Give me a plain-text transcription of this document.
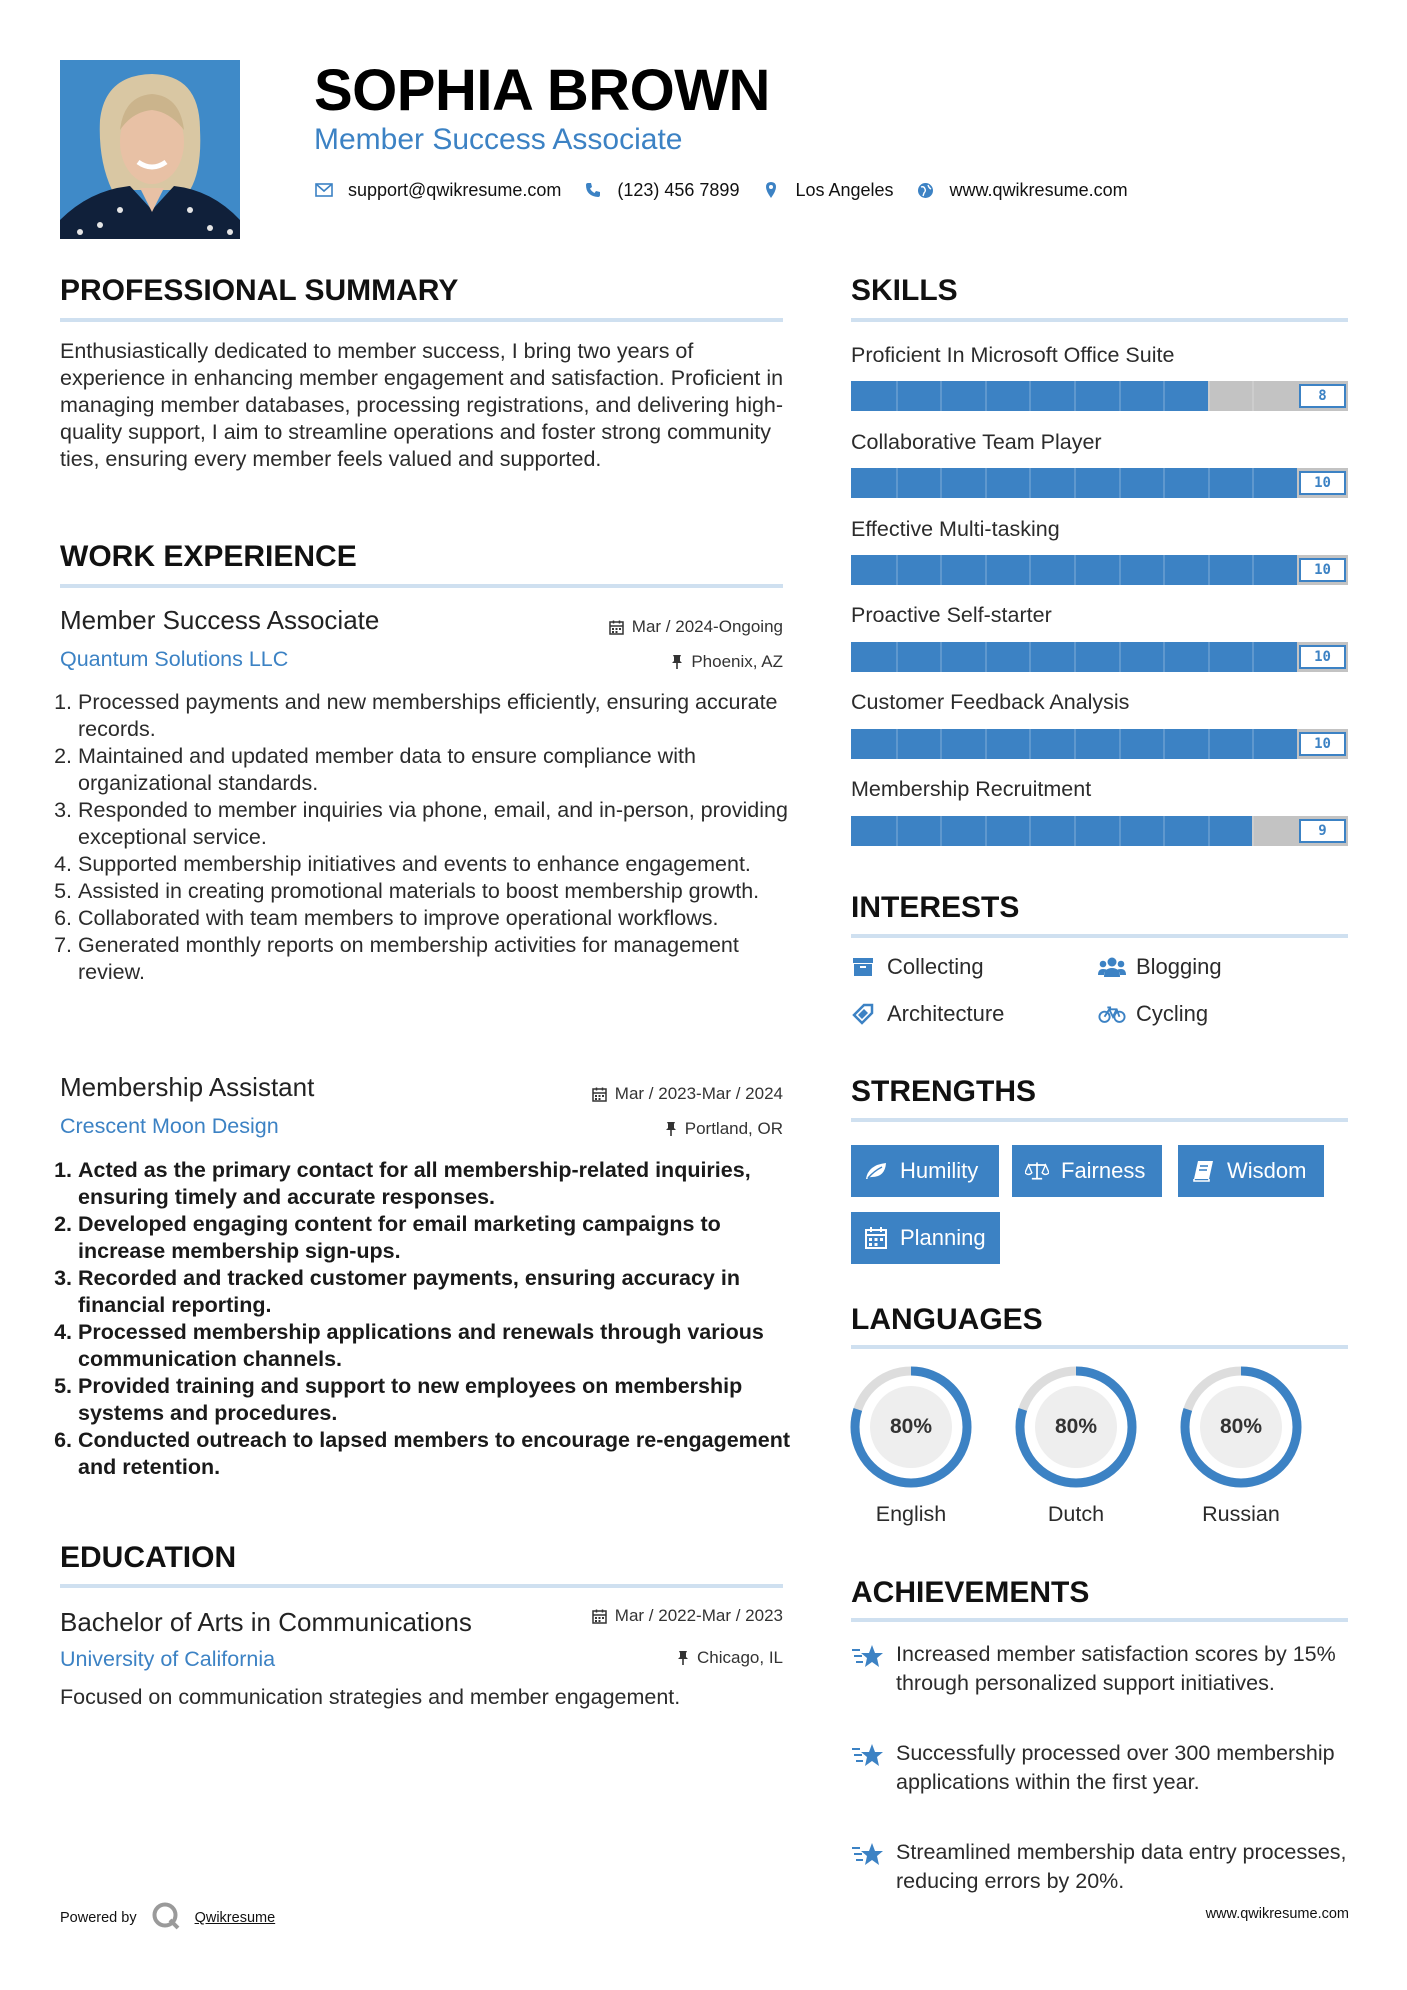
SOPHIA BROWN
Member Success Associate
support@qwikresume.com	(123) 456 7899	Los Angeles	www.qwikresume.com
PROFESSIONAL SUMMARY
Enthusiastically dedicated to member success, I bring two years of experience in enhancing member engagement and satisfaction. Proficient in managing member databases, processing registrations, and delivering high-quality support, I aim to streamline operations and foster strong community ties, ensuring every member feels valued and supported.
WORK EXPERIENCE
Member Success Associate	Mar / 2024-Ongoing
Quantum Solutions LLC	Phoenix, AZ
1. Processed payments and new memberships efficiently, ensuring accurate records.
2. Maintained and updated member data to ensure compliance with organizational standards.
3. Responded to member inquiries via phone, email, and in-person, providing exceptional service.
4. Supported membership initiatives and events to enhance engagement.
5. Assisted in creating promotional materials to boost membership growth.
6. Collaborated with team members to improve operational workflows.
7. Generated monthly reports on membership activities for management review.
Membership Assistant	Mar / 2023-Mar / 2024
Crescent Moon Design	Portland, OR
1. Acted as the primary contact for all membership-related inquiries, ensuring timely and accurate responses.
2. Developed engaging content for email marketing campaigns to increase membership sign-ups.
3. Recorded and tracked customer payments, ensuring accuracy in financial reporting.
4. Processed membership applications and renewals through various communication channels.
5. Provided training and support to new employees on membership systems and procedures.
6. Conducted outreach to lapsed members to encourage re-engagement and retention.
EDUCATION
Bachelor of Arts in Communications	Mar / 2022-Mar / 2023
University of California	Chicago, IL
Focused on communication strategies and member engagement.
SKILLS
Proficient In Microsoft Office Suite
8
Collaborative Team Player
10
Effective Multi-tasking
10
Proactive Self-starter
10
Customer Feedback Analysis
10
Membership Recruitment
9
INTERESTS
Collecting	Blogging
Architecture	Cycling
STRENGTHS
Humility	Fairness	Wisdom
Planning
LANGUAGES
80%
English
80%
Dutch
80%
Russian
ACHIEVEMENTS
Increased member satisfaction scores by 15% through personalized support initiatives.
Successfully processed over 300 membership applications within the first year.
Streamlined membership data entry processes, reducing errors by 20%.
Powered by	Qwikresume	www.qwikresume.com
